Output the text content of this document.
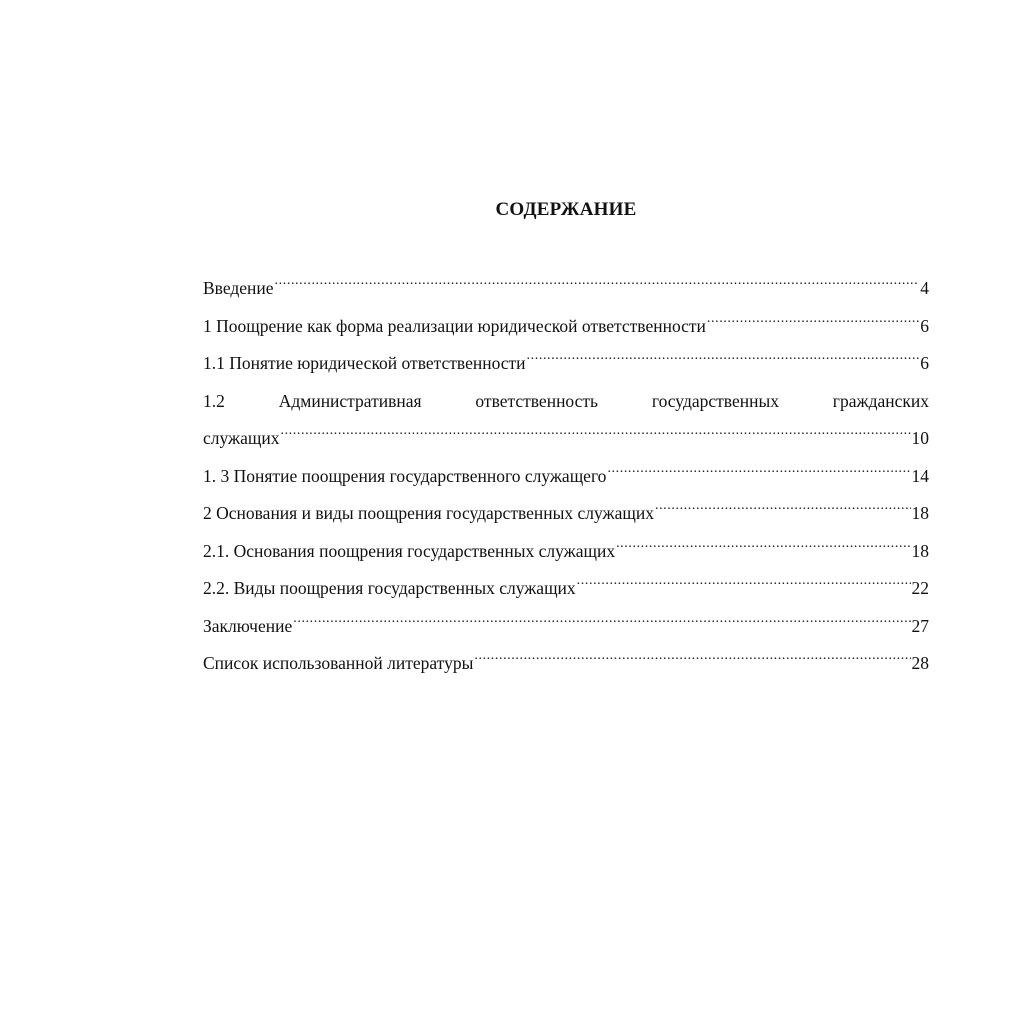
СОДЕРЖАНИЕ
Введение .....	4
1 Поощрение как форма реализации юридической ответственности .....	6
1.1 Понятие юридической ответственности .....	6
1.2 Административная ответственность государственных гражданских
служащих .....	10
1. 3 Понятие поощрения государственного служащего .....	14
2 Основания и виды поощрения государственных служащих .....	18
2.1. Основания поощрения государственных служащих .....	18
2.2. Виды поощрения государственных служащих .....	22
Заключение .....	27
Список использованной литературы .....	28
